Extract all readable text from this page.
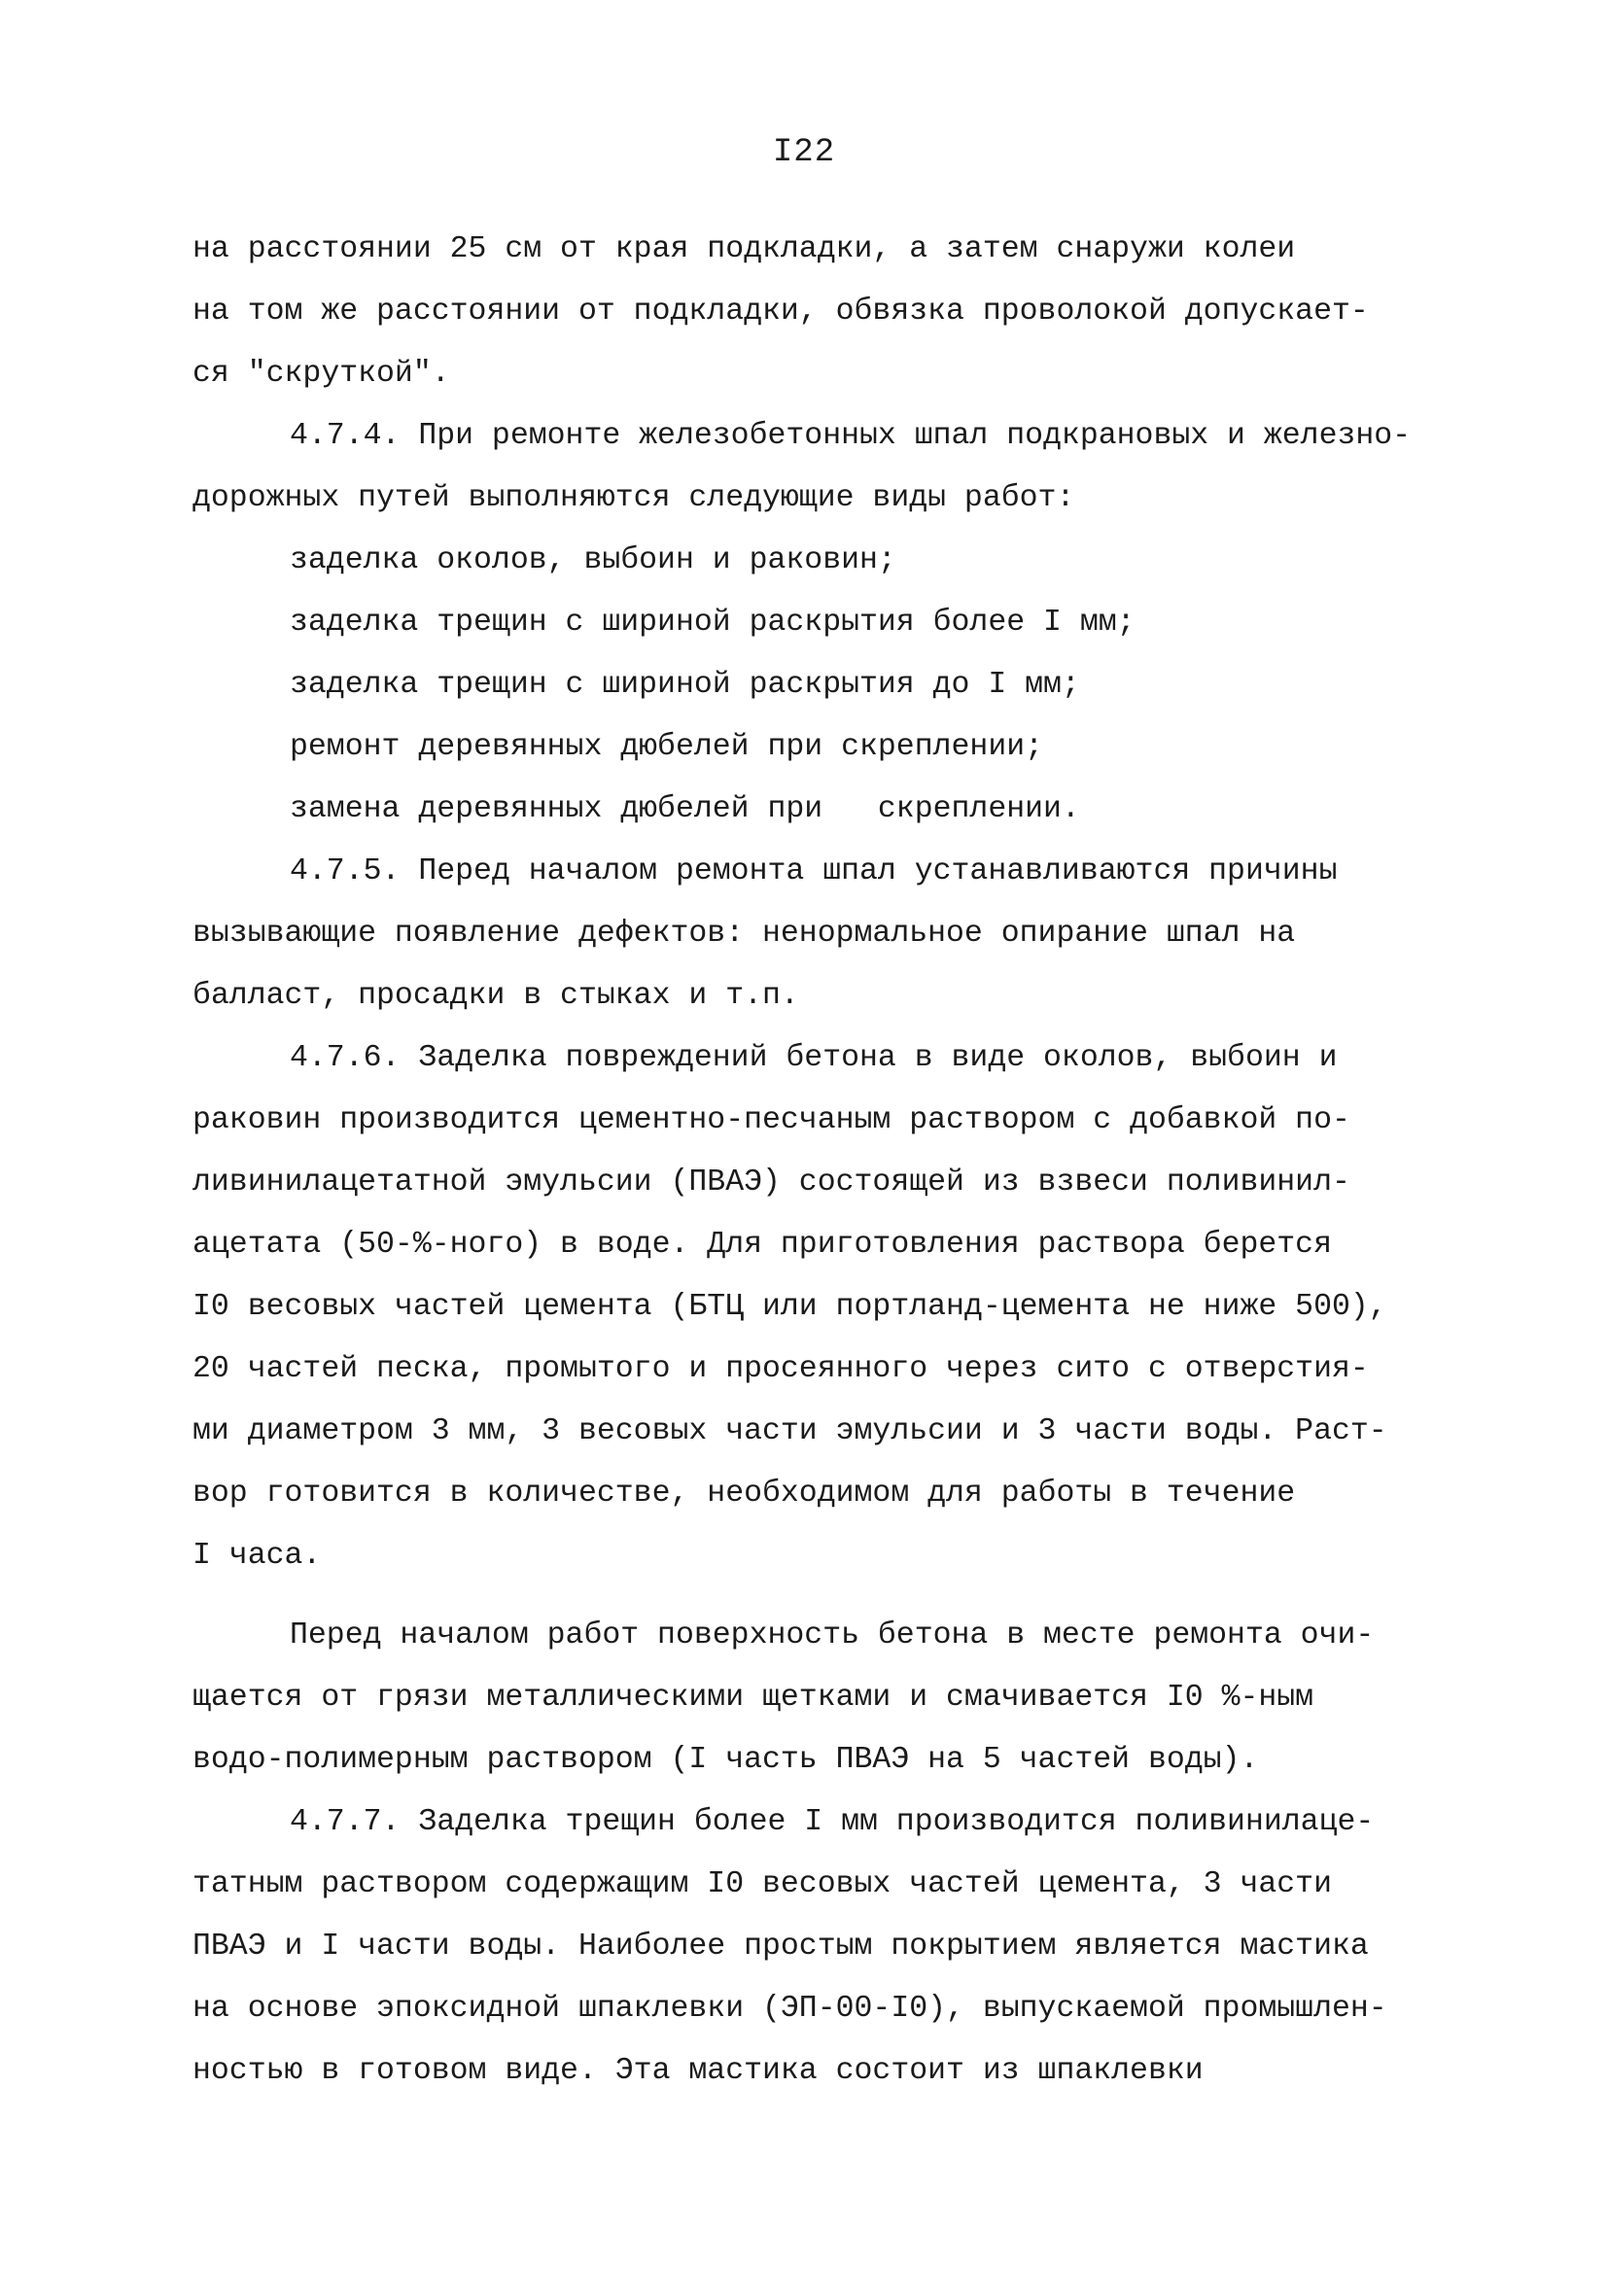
I22
на расстоянии 25 см от края подкладки, а затем снаружи колеи
на том же расстоянии от подкладки, обвязка проволокой допускает-
ся "скруткой".
4.7.4. При ремонте железобетонных шпал подкрановых и железно-
дорожных путей выполняются следующие виды работ:
заделка околов, выбоин и раковин;
заделка трещин с шириной раскрытия более I мм;
заделка трещин с шириной раскрытия до I мм;
ремонт деревянных дюбелей при скреплении;
замена деревянных дюбелей при   скреплении.
4.7.5. Перед началом ремонта шпал устанавливаются причины
вызывающие появление дефектов: ненормальное опирание шпал на
балласт, просадки в стыках и т.п.
4.7.6. Заделка повреждений бетона в виде околов, выбоин и
раковин производится цементно-песчаным раствором с добавкой по-
ливинилацетатной эмульсии (ПВАЭ) состоящей из взвеси поливинил-
ацетата (50-%-ного) в воде. Для приготовления раствора берется
I0 весовых частей цемента (БТЦ или портланд-цемента не ниже 500),
20 частей песка, промытого и просеянного через сито с отверстия-
ми диаметром 3 мм, 3 весовых части эмульсии и 3 части воды. Раст-
вор готовится в количестве, необходимом для работы в течение
I часа.
Перед началом работ поверхность бетона в месте ремонта очи-
щается от грязи металлическими щетками и смачивается I0 %-ным
водо-полимерным раствором (I часть ПВАЭ на 5 частей воды).
4.7.7. Заделка трещин более I мм производится поливинилаце-
татным раствором содержащим I0 весовых частей цемента, 3 части
ПВАЭ и I части воды. Наиболее простым покрытием является мастика
на основе эпоксидной шпаклевки (ЭП-00-I0), выпускаемой промышлен-
ностью в готовом виде. Эта мастика состоит из шпаклевки
